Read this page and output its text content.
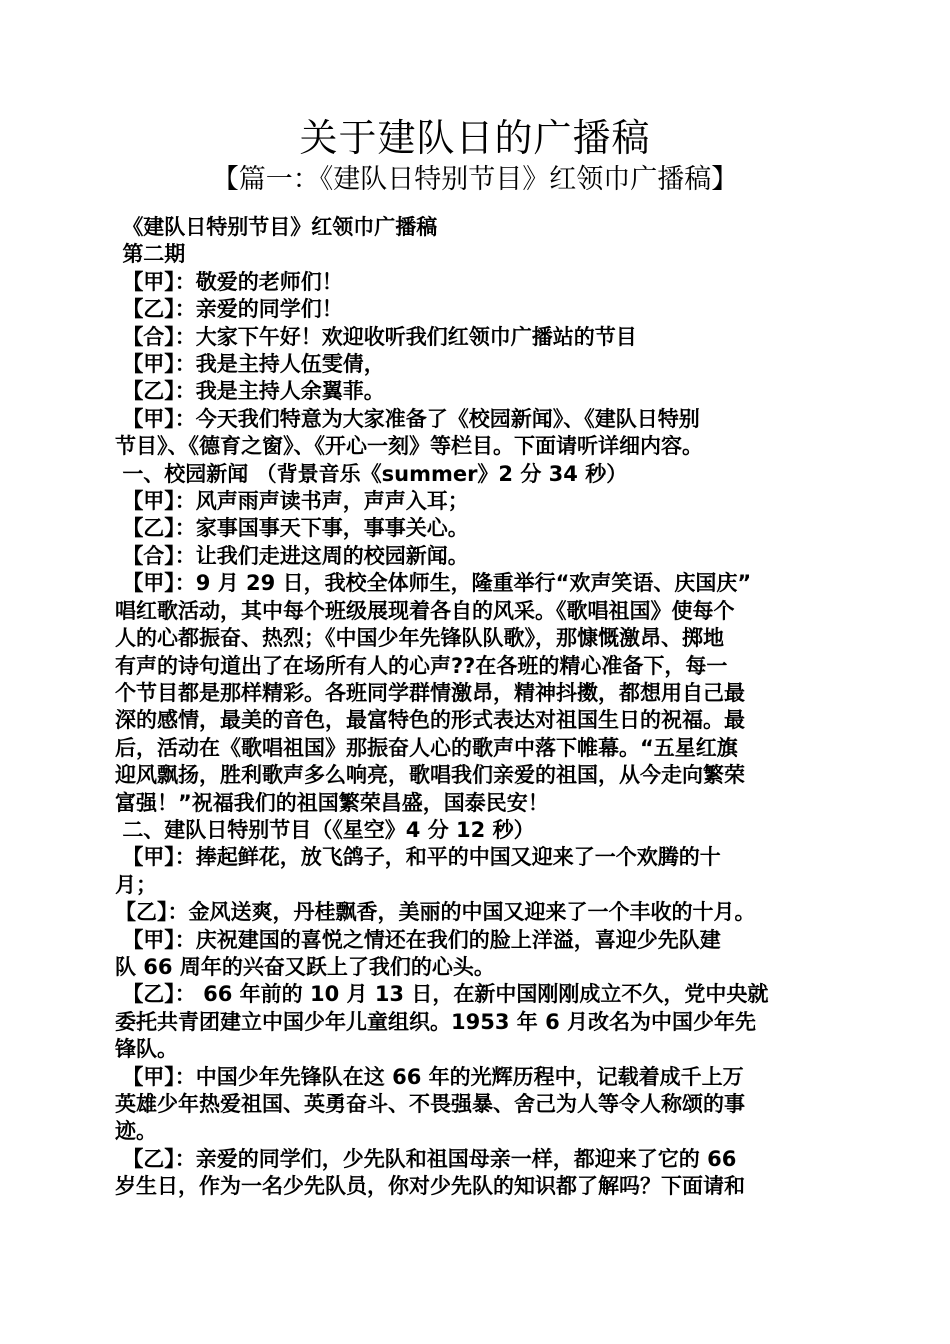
关于建队日的广播稿
【篇一：《建队日特别节目》红领巾广播稿】

《建队日特别节目》红领巾广播稿

第二期

【甲】：敬爱的老师们！

【乙】：亲爱的同学们！

【合】：大家下午好！欢迎收听我们红领巾广播站的节目

【甲】：我是主持人伍雯倩，

【乙】：我是主持人余翼菲。

【甲】：今天我们特意为大家准备了《校园新闻》、《建队日特别

节目》、《德育之窗》、《开心一刻》等栏目。下面请听详细内容。

一、校园新闻 （背景音乐《summer》2 分 34 秒）

【甲】：风声雨声读书声，声声入耳；

【乙】：家事国事天下事，事事关心。

【合】：让我们走进这周的校园新闻。

【甲】：9 月 29 日，我校全体师生，隆重举行“欢声笑语、庆国庆”

唱红歌活动，其中每个班级展现着各自的风采。《歌唱祖国》使每个

人的心都振奋、热烈；《中国少年先锋队队歌》，那慷慨激昂、掷地

有声的诗句道出了在场所有人的心声??在各班的精心准备下，每一

个节目都是那样精彩。各班同学群情激昂，精神抖擞，都想用自己最

深的感情，最美的音色，最富特色的形式表达对祖国生日的祝福。最

后，活动在《歌唱祖国》那振奋人心的歌声中落下帷幕。“五星红旗

迎风飘扬，胜利歌声多么响亮，歌唱我们亲爱的祖国，从今走向繁荣

富强！”祝福我们的祖国繁荣昌盛，国泰民安！

二、建队日特别节目（《星空》4 分 12 秒）

【甲】：捧起鲜花，放飞鸽子，和平的中国又迎来了一个欢腾的十

月；

【乙】：金风送爽，丹桂飘香，美丽的中国又迎来了一个丰收的十月。

【甲】：庆祝建国的喜悦之情还在我们的脸上洋溢，喜迎少先队建

队 66 周年的兴奋又跃上了我们的心头。

【乙】： 66 年前的 10 月 13 日，在新中国刚刚成立不久，党中央就

委托共青团建立中国少年儿童组织。1953 年 6 月改名为中国少年先

锋队。

【甲】：中国少年先锋队在这 66 年的光辉历程中，记载着成千上万

英雄少年热爱祖国、英勇奋斗、不畏强暴、舍己为人等令人称颂的事

迹。

【乙】：亲爱的同学们，少先队和祖国母亲一样，都迎来了它的 66

岁生日，作为一名少先队员，你对少先队的知识都了解吗？下面请和
